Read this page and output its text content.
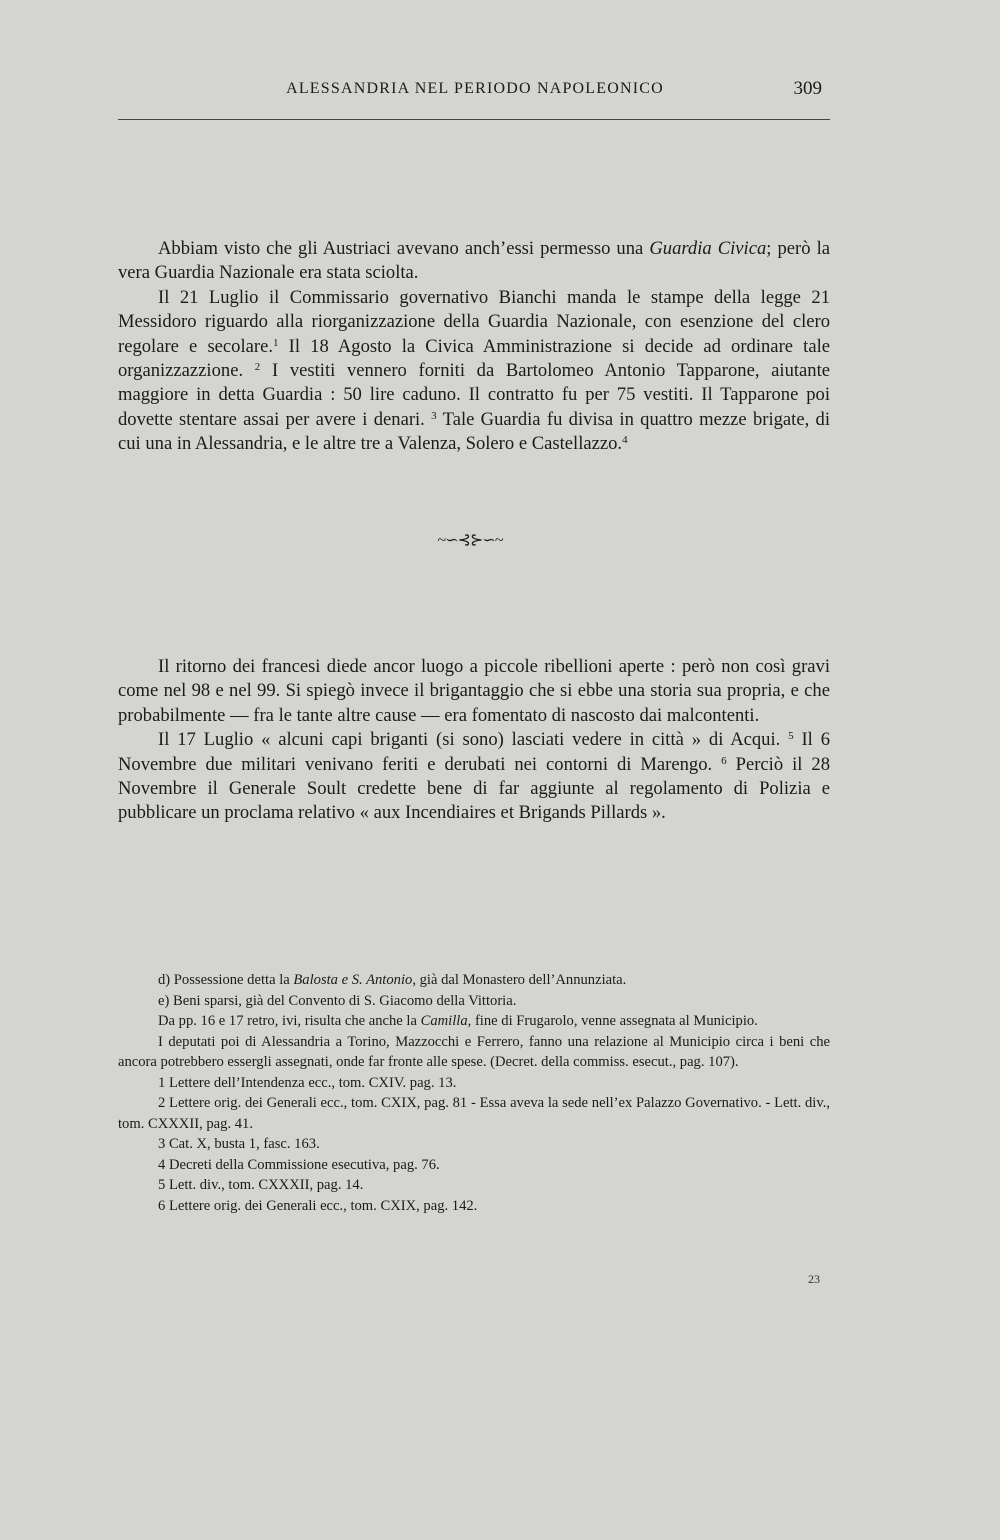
ALESSANDRIA NEL PERIODO NAPOLEONICO	309

Abbiam visto che gli Austriaci avevano anch’essi permesso una Guardia Civica; però la vera Guardia Nazionale era stata sciolta.

Il 21 Luglio il Commissario governativo Bianchi manda le stampe della legge 21 Messidoro riguardo alla riorganizzazione della Guardia Nazionale, con esenzione del clero regolare e secolare.$^1$ Il 18 Agosto la Civica Amministrazione si decide ad ordinare tale organizzazzione. $^2$ I vestiti vennero forniti da Bartolomeo Antonio Tapparone, aiutante maggiore in detta Guardia : 50 lire caduno. Il contratto fu per 75 vestiti. Il Tapparone poi dovette stentare assai per avere i denari. $^3$ Tale Guardia fu divisa in quattro mezze brigate, di cui una in Alessandria, e le altre tre a Valenza, Solero e Castellazzo.$^4$

~∽⊰⊱∽~

Il ritorno dei francesi diede ancor luogo a piccole ribellioni aperte : però non così gravi come nel 98 e nel 99. Si spiegò invece il brigantaggio che si ebbe una storia sua propria, e che probabilmente — fra le tante altre cause — era fomentato di nascosto dai malcontenti.

Il 17 Luglio « alcuni capi briganti (si sono) lasciati vedere in città » di Acqui. $^5$ Il 6 Novembre due militari venivano feriti e derubati nei contorni di Marengo. $^6$ Perciò il 28 Novembre il Generale Soult credette bene di far aggiunte al regolamento di Polizia e pubblicare un proclama relativo « aux Incendiaires et Brigands Pillards ».

d) Possessione detta la Balosta e S. Antonio, già dal Monastero dell’Annunziata.

e) Beni sparsi, già del Convento di S. Giacomo della Vittoria.

Da pp. 16 e 17 retro, ivi, risulta che anche la Camilla, fine di Frugarolo, venne assegnata al Municipio.

I deputati poi di Alessandria a Torino, Mazzocchi e Ferrero, fanno una relazione al Municipio circa i beni che ancora potrebbero essergli assegnati, onde far fronte alle spese. (Decret. della commiss. esecut., pag. 107).

1 Lettere dell’Intendenza ecc., tom. CXIV. pag. 13.

2 Lettere orig. dei Generali ecc., tom. CXIX, pag. 81 - Essa aveva la sede nell’ex Palazzo Governativo. - Lett. div., tom. CXXXII, pag. 41.

3 Cat. X, busta 1, fasc. 163.

4 Decreti della Commissione esecutiva, pag. 76.

5 Lett. div., tom. CXXXII, pag. 14.

6 Lettere orig. dei Generali ecc., tom. CXIX, pag. 142.

23
